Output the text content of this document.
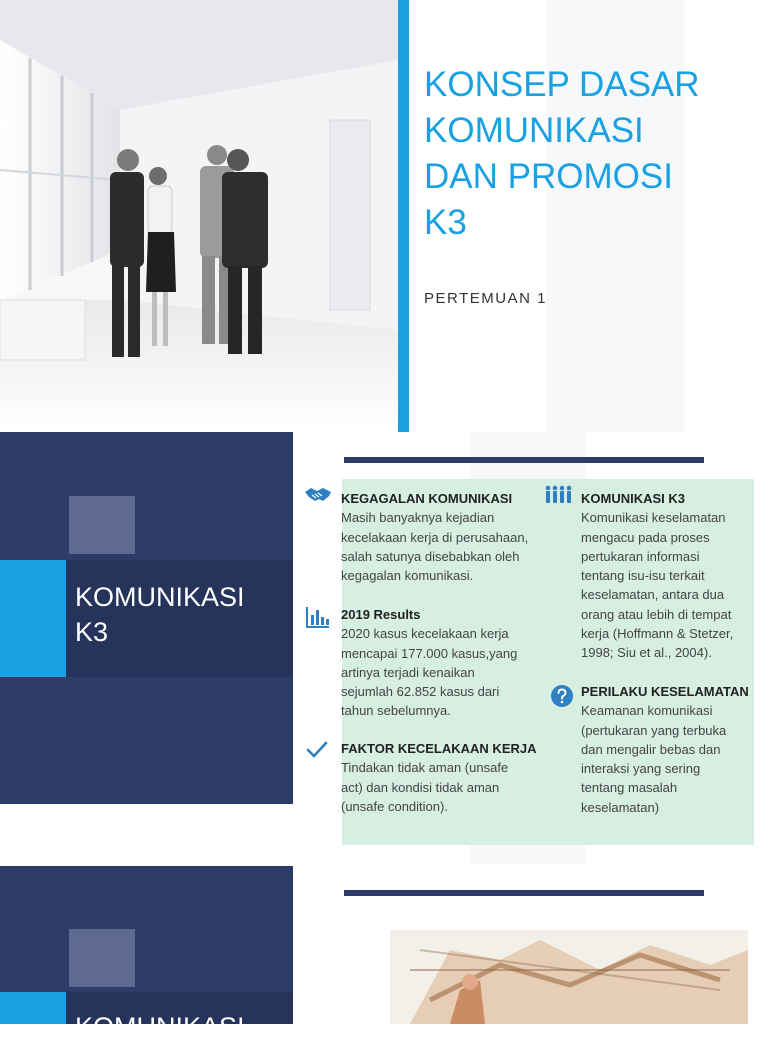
KONSEP DASAR
KOMUNIKASI
DAN PROMOSI
K3
PERTEMUAN 1
KOMUNIKASI
K3
KEGAGALAN KOMUNIKASI
Masih banyaknya kejadian
kecelakaan kerja di perusahaan,
salah satunya disebabkan oleh
kegagalan komunikasi.
2019 Results
2020 kasus kecelakaan kerja
mencapai 177.000 kasus,yang
artinya terjadi kenaikan
sejumlah 62.852 kasus dari
tahun sebelumnya.
FAKTOR KECELAKAAN KERJA
Tindakan tidak aman (unsafe
act) dan kondisi tidak aman
(unsafe condition).
KOMUNIKASI K3
Komunikasi keselamatan
mengacu pada proses
pertukaran informasi
tentang isu-isu terkait
keselamatan, antara dua
orang atau lebih di tempat
kerja (Hoffmann & Stetzer,
1998; Siu et al., 2004).
PERILAKU KESELAMATAN
Keamanan komunikasi
(pertukaran yang terbuka
dan mengalir bebas dan
interaksi yang sering
tentang masalah
keselamatan)
KOMUNIKASI
